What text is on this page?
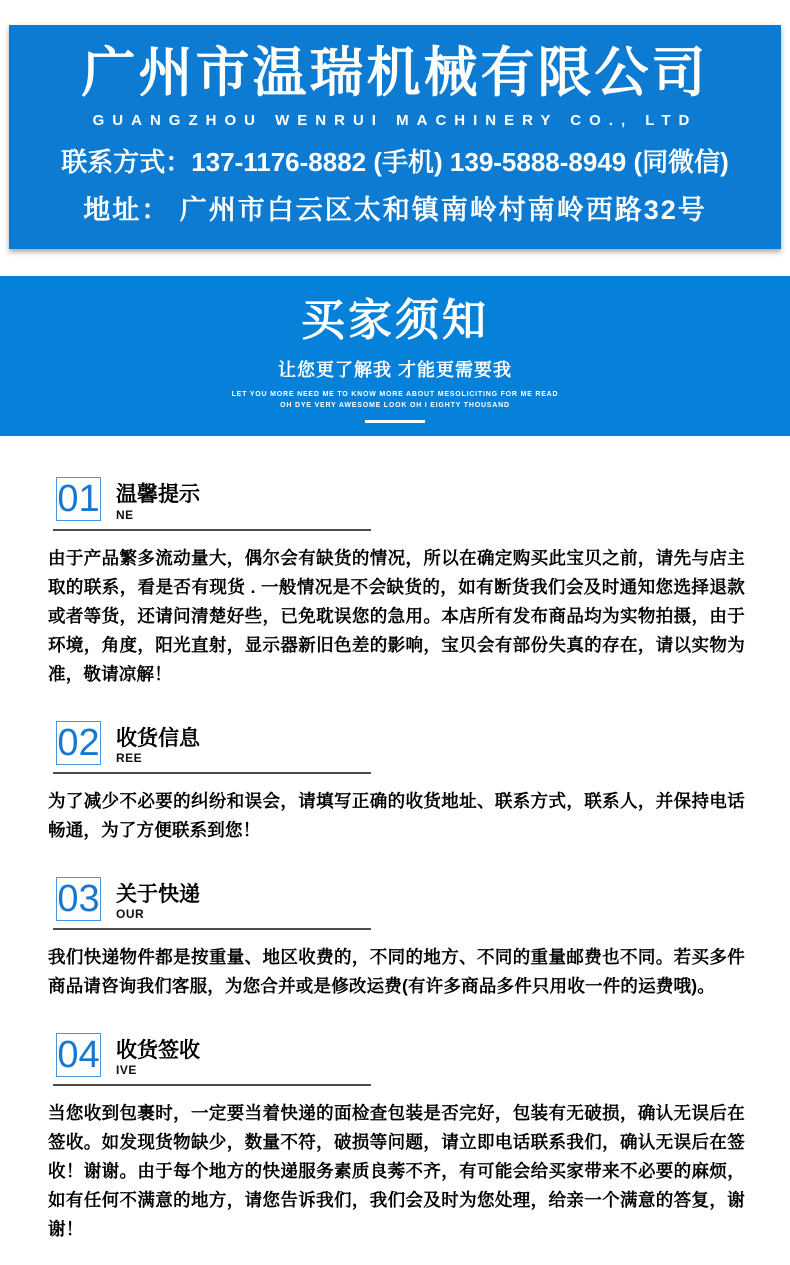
广州市温瑞机械有限公司
GUANGZHOU WENRUI MACHINERY CO., LTD
联系方式：137-1176-8882 (手机) 139-5888-8949 (同微信)
地址： 广州市白云区太和镇南岭村南岭西路32号
买家须知
让您更了解我 才能更需要我
LET YOU MORE NEED ME TO KNOW MORE ABOUT MESOLICITING FOR ME READ
OH DYE VERY AWESOME LOOK OH I EIGHTY THOUSAND
01 温馨提示
NE

由于产品繁多流动量大，偶尔会有缺货的情况，所以在确定购买此宝贝之前，请先与店主取的联系，看是否有现货 . 一般情况是不会缺货的，如有断货我们会及时通知您选择退款或者等货，还请问清楚好些，已免耽误您的急用。本店所有发布商品均为实物拍摄，由于环境，角度，阳光直射，显示器新旧色差的影响，宝贝会有部份失真的存在，请以实物为准，敬请凉解！

02 收货信息
REE

为了减少不必要的纠纷和误会，请填写正确的收货地址、联系方式，联系人，并保持电话畅通，为了方便联系到您！

03 关于快递
OUR

我们快递物件都是按重量、地区收费的，不同的地方、不同的重量邮费也不同。若买多件商品请咨询我们客服，为您合并或是修改运费(有许多商品多件只用收一件的运费哦)。

04 收货签收
IVE

当您收到包裹时，一定要当着快递的面检查包装是否完好，包装有无破损，确认无误后在签收。如发现货物缺少，数量不符，破损等问题，请立即电话联系我们，确认无误后在签收！谢谢。由于每个地方的快递服务素质良莠不齐，有可能会给买家带来不必要的麻烦，如有任何不满意的地方，请您告诉我们，我们会及时为您处理，给亲一个满意的答复，谢谢！
